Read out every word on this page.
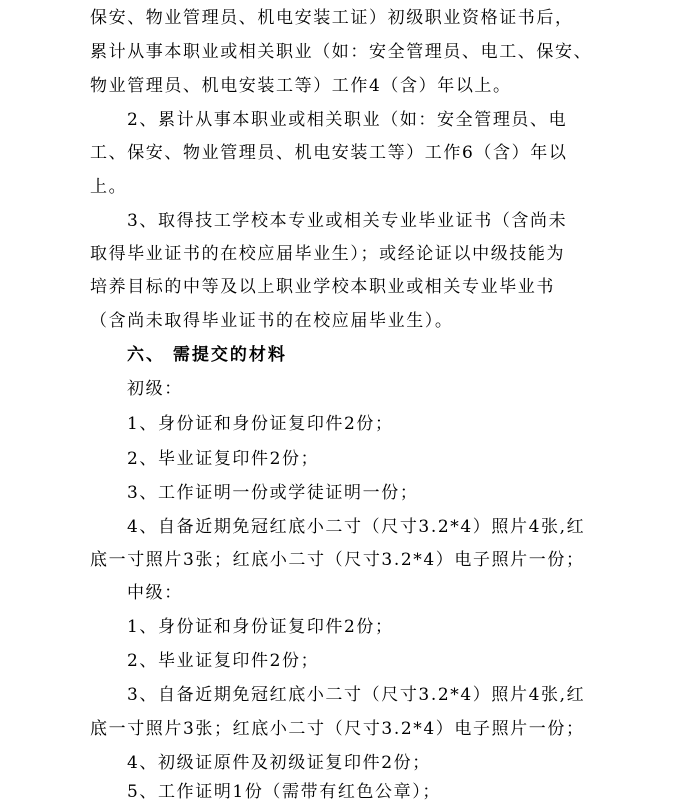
保安、物业管理员、机电安装工证）初级职业资格证书后，
累计从事本职业或相关职业（如：安全管理员、电工、保安、
物业管理员、机电安装工等）工作4（含）年以上。
2、累计从事本职业或相关职业（如：安全管理员、电
工、保安、物业管理员、机电安装工等）工作6（含）年以
上。
3、取得技工学校本专业或相关专业毕业证书（含尚未
取得毕业证书的在校应届毕业生）；或经论证以中级技能为
培养目标的中等及以上职业学校本职业或相关专业毕业书
（含尚未取得毕业证书的在校应届毕业生）。
六、 需提交的材料
初级：
1、身份证和身份证复印件2份；
2、毕业证复印件2份；
3、工作证明一份或学徒证明一份；
4、自备近期免冠红底小二寸（尺寸3.2*4）照片4张,红
底一寸照片3张；红底小二寸（尺寸3.2*4）电子照片一份；
中级：
1、身份证和身份证复印件2份；
2、毕业证复印件2份；
3、自备近期免冠红底小二寸（尺寸3.2*4）照片4张,红
底一寸照片3张；红底小二寸（尺寸3.2*4）电子照片一份；
4、初级证原件及初级证复印件2份；
5、工作证明1份（需带有红色公章）；
